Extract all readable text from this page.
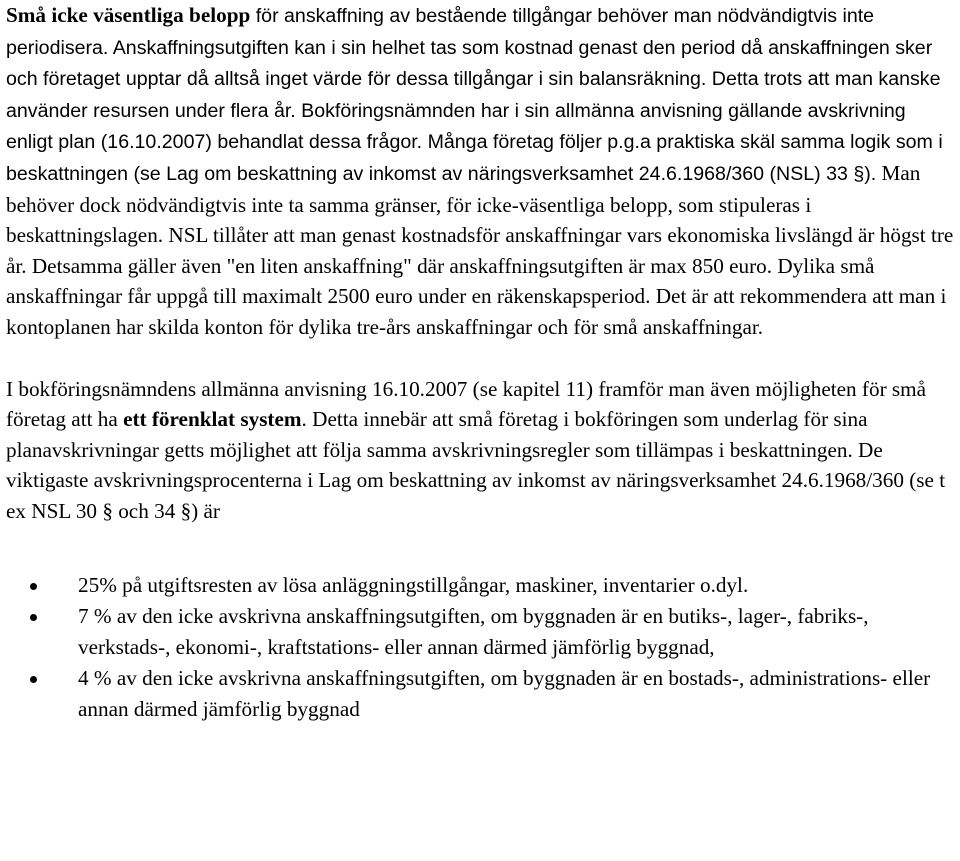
Små icke väsentliga belopp för anskaffning av bestående tillgångar behöver man nödvändigtvis inte periodisera. Anskaffningsutgiften kan i sin helhet tas som kostnad genast den period då anskaffningen sker och företaget upptar då alltså inget värde för dessa tillgångar i sin balansräkning. Detta trots att man kanske använder resursen under flera år. Bokföringsnämnden har i sin allmänna anvisning gällande avskrivning enligt plan (16.10.2007) behandlat dessa frågor. Många företag följer p.g.a praktiska skäl samma logik som i beskattningen (se Lag om beskattning av inkomst av näringsverksamhet 24.6.1968/360 (NSL) 33 §). Man behöver dock nödvändigtvis inte ta samma gränser, för icke-väsentliga belopp, som stipuleras i beskattningslagen. NSL tillåter att man genast kostnadsför anskaffningar vars ekonomiska livslängd är högst tre år. Detsamma gäller även "en liten anskaffning" där anskaffningsutgiften är max 850 euro. Dylika små anskaffningar får uppgå till maximalt 2500 euro under en räkenskapsperiod. Det är att rekommendera att man i kontoplanen har skilda konton för dylika tre-års anskaffningar och för små anskaffningar.

I bokföringsnämndens allmänna anvisning 16.10.2007 (se kapitel 11) framför man även möjligheten för små företag att ha ett förenklat system. Detta innebär att små företag i bokföringen som underlag för sina planavskrivningar getts möjlighet att följa samma avskrivningsregler som tillämpas i beskattningen. De viktigaste avskrivningsprocenterna i Lag om beskattning av inkomst av näringsverksamhet 24.6.1968/360 (se t ex NSL 30 § och 34 §) är

25% på utgiftsresten av lösa anläggningstillgångar, maskiner, inventarier o.dyl.
7 % av den icke avskrivna anskaffningsutgiften, om byggnaden är en butiks-, lager-, fabriks-, verkstads-, ekonomi-, kraftstations- eller annan därmed jämförlig byggnad,
4 % av den icke avskrivna anskaffningsutgiften, om byggnaden är en bostads-, administrations- eller annan därmed jämförlig byggnad
